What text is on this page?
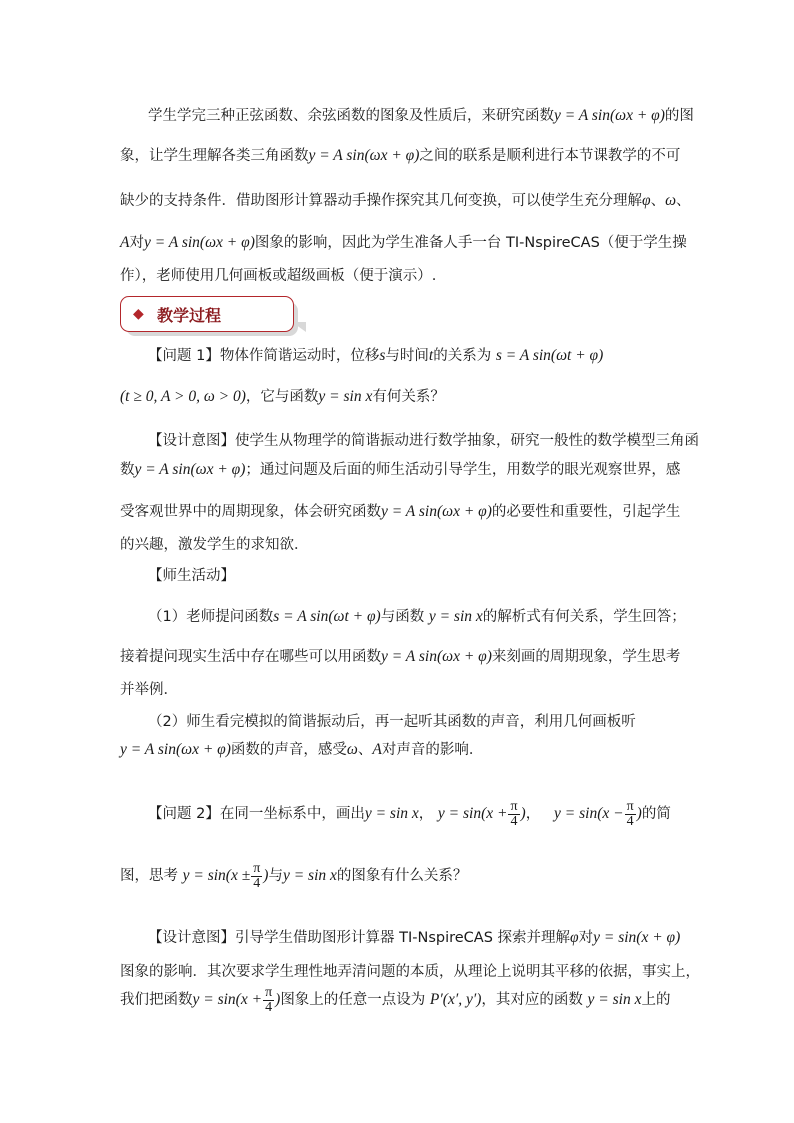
学生学完三种正弦函数、余弦函数的图象及性质后，来研究函数y = A sin(ωx + φ)的图
象，让学生理解各类三角函数y = A sin(ωx + φ)之间的联系是顺利进行本节课教学的不可
缺少的支持条件．借助图形计算器动手操作探究其几何变换，可以使学生充分理解φ、ω、
A对y = A sin(ωx + φ)图象的影响，因此为学生准备人手一台 TI-NspireCAS（便于学生操
作），老师使用几何画板或超级画板（便于演示）.
◆ 教学过程
【问题 1】物体作简谐运动时，位移s与时间t的关系为 s = A sin(ωt + φ)
(t ≥ 0, A > 0, ω > 0)，它与函数y = sin x有何关系？
【设计意图】使学生从物理学的简谐振动进行数学抽象，研究一般性的数学模型三角函
数y = A sin(ωx + φ)；通过问题及后面的师生活动引导学生，用数学的眼光观察世界，感
受客观世界中的周期现象，体会研究函数y = A sin(ωx + φ)的必要性和重要性，引起学生
的兴趣，激发学生的求知欲．
【师生活动】
（1）老师提问函数s = A sin(ωt + φ)与函数 y = sin x的解析式有何关系，学生回答；
接着提问现实生活中存在哪些可以用函数y = A sin(ωx + φ)来刻画的周期现象，学生思考
并举例．
（2）师生看完模拟的简谐振动后，再一起听其函数的声音，利用几何画板听
y = A sin(ωx + φ)函数的声音，感受ω、A对声音的影响．
【问题 2】在同一坐标系中，画出y = sin x， $y = \sin(x + \frac{\pi}{4}$ )， $y = \sin(x - \frac{\pi}{4}$ )的简
图，思考 $y = \sin(x \pm \frac{\pi}{4}$ )与y = sin x的图象有什么关系？
【设计意图】引导学生借助图形计算器 TI-NspireCAS 探索并理解φ对y = sin(x + φ)
图象的影响．其次要求学生理性地弄清问题的本质，从理论上说明其平移的依据，事实上，
我们把函数$y = \sin(x + \frac{\pi}{4}$ )图象上的任意一点设为 P′(x′, y′)，其对应的函数 y = sin x上的
